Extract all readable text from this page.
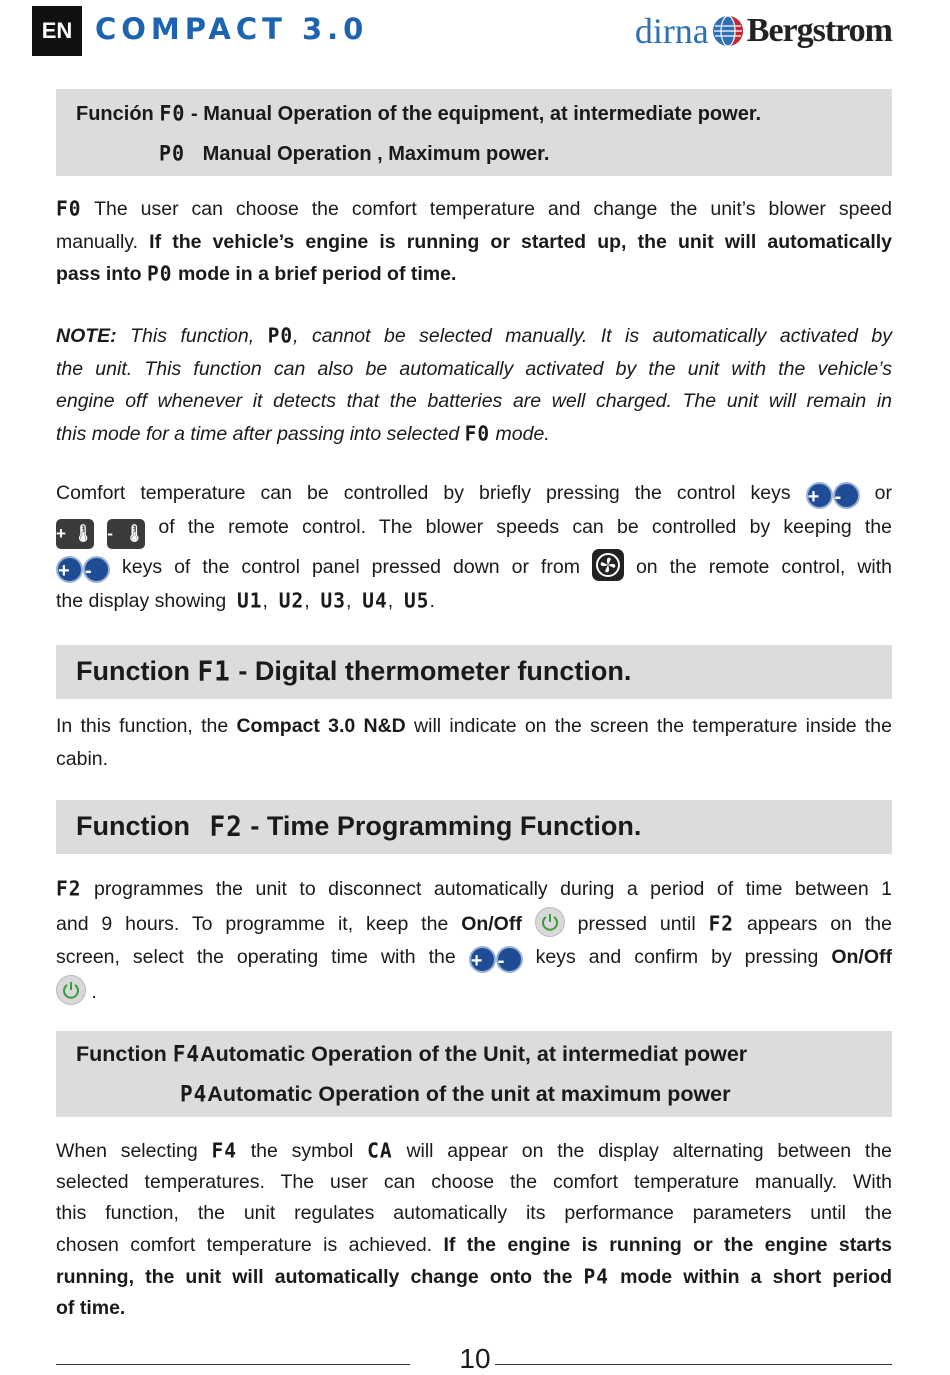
EN COMPACT 3.0	dirna Bergstrom
Función F0 - Manual Operation of the equipment, at intermediate power.
P0 Manual Operation , Maximum power.
F0 The user can choose the comfort temperature and change the unit’s blower speed
manually. If the vehicle’s engine is running or started up, the unit will automatically
pass into P0 mode in a brief period of time.
NOTE: This function, P0, cannot be selected manually. It is automatically activated by
the unit. This function can also be automatically activated by the unit with the vehicle’s
engine off whenever it detects that the batteries are well charged. The unit will remain in
this mode for a time after passing into selected F0 mode.
Comfort temperature can be controlled by briefly pressing the control keys + - or
+🌡 -🌡 of the remote control. The blower speeds can be controlled by keeping the
+ - keys of the control panel pressed down or from	on the remote control, with
the display showing U1,  U2,  U3,  U4,  U5.
Function F1 - Digital thermometer function.
In this function, the Compact 3.0 N&D will indicate on the screen the temperature inside the
cabin.
Function F2 - Time Programming Function.
F2 programmes the unit to disconnect automatically during a period of time between 1
and 9 hours. To programme it, keep the On/Off	pressed until F2 appears on the
screen, select the operating time with the + - keys and confirm by pressing On/Off
.
Function F4Automatic Operation of the Unit, at intermediat power
P4Automatic Operation of the unit at maximum power
When selecting F4 the symbol CA will appear on the display alternating between the
selected temperatures. The user can choose the comfort temperature manually. With
this function, the unit regulates automatically its performance parameters until the
chosen comfort temperature is achieved. If the engine is running or the engine starts
running, the unit will automatically change onto the P4 mode within a short period
of time.
10
